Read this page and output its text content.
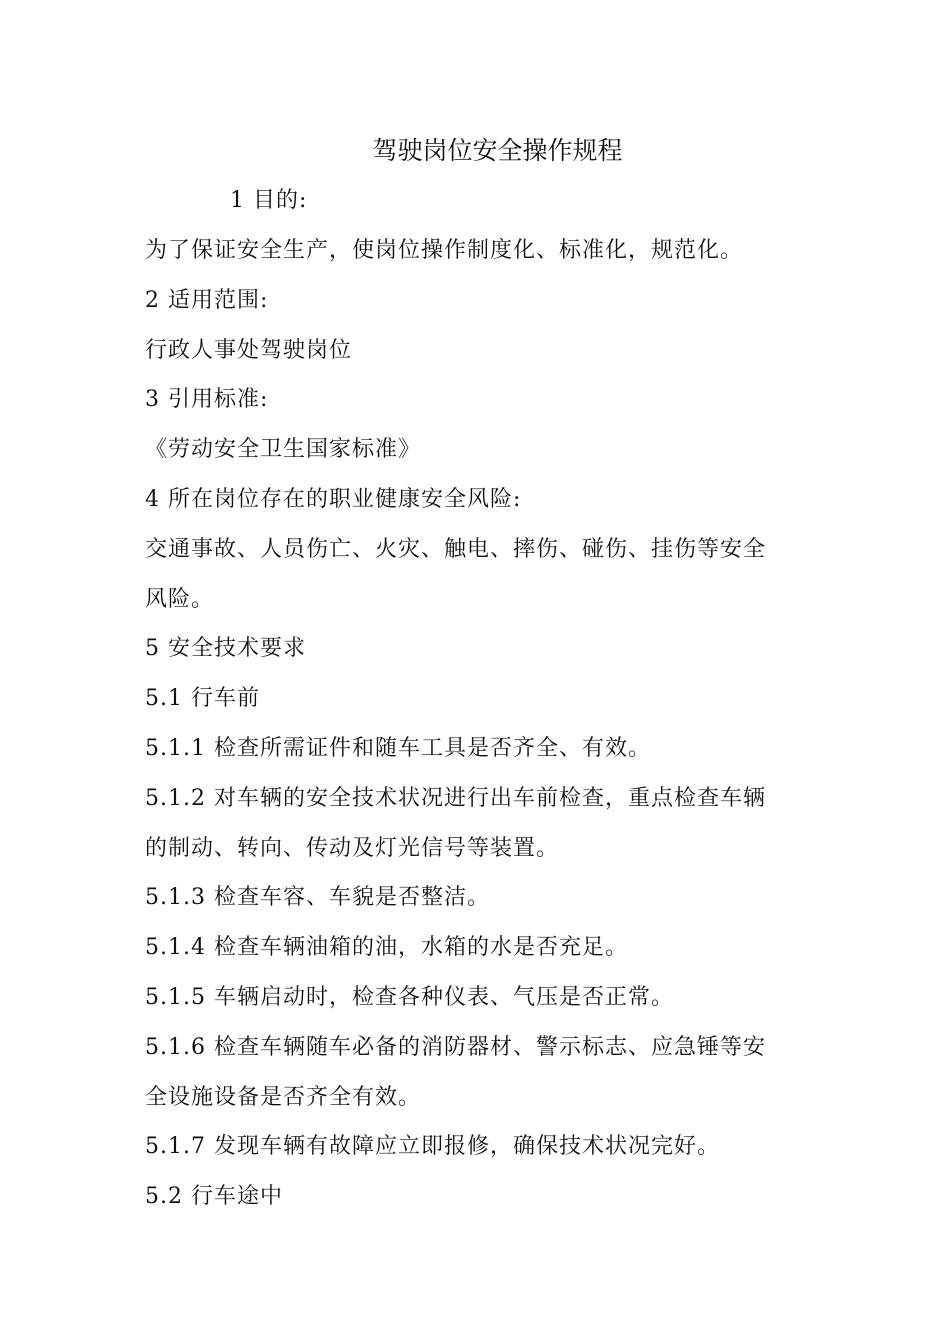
驾驶岗位安全操作规程
1 目的:
为了保证安全生产，使岗位操作制度化、标准化，规范化。
2 适用范围:
行政人事处驾驶岗位
3 引用标准:
《劳动安全卫生国家标准》
4 所在岗位存在的职业健康安全风险:
交通事故、人员伤亡、火灾、触电、摔伤、碰伤、挂伤等安全
风险。
5 安全技术要求
5.1 行车前
5.1.1 检查所需证件和随车工具是否齐全、有效。
5.1.2 对车辆的安全技术状况进行出车前检查，重点检查车辆
的制动、转向、传动及灯光信号等装置。
5.1.3 检查车容、车貌是否整洁。
5.1.4 检查车辆油箱的油，水箱的水是否充足。
5.1.5 车辆启动时，检查各种仪表、气压是否正常。
5.1.6 检查车辆随车必备的消防器材、警示标志、应急锤等安
全设施设备是否齐全有效。
5.1.7 发现车辆有故障应立即报修，确保技术状况完好。
5.2 行车途中
